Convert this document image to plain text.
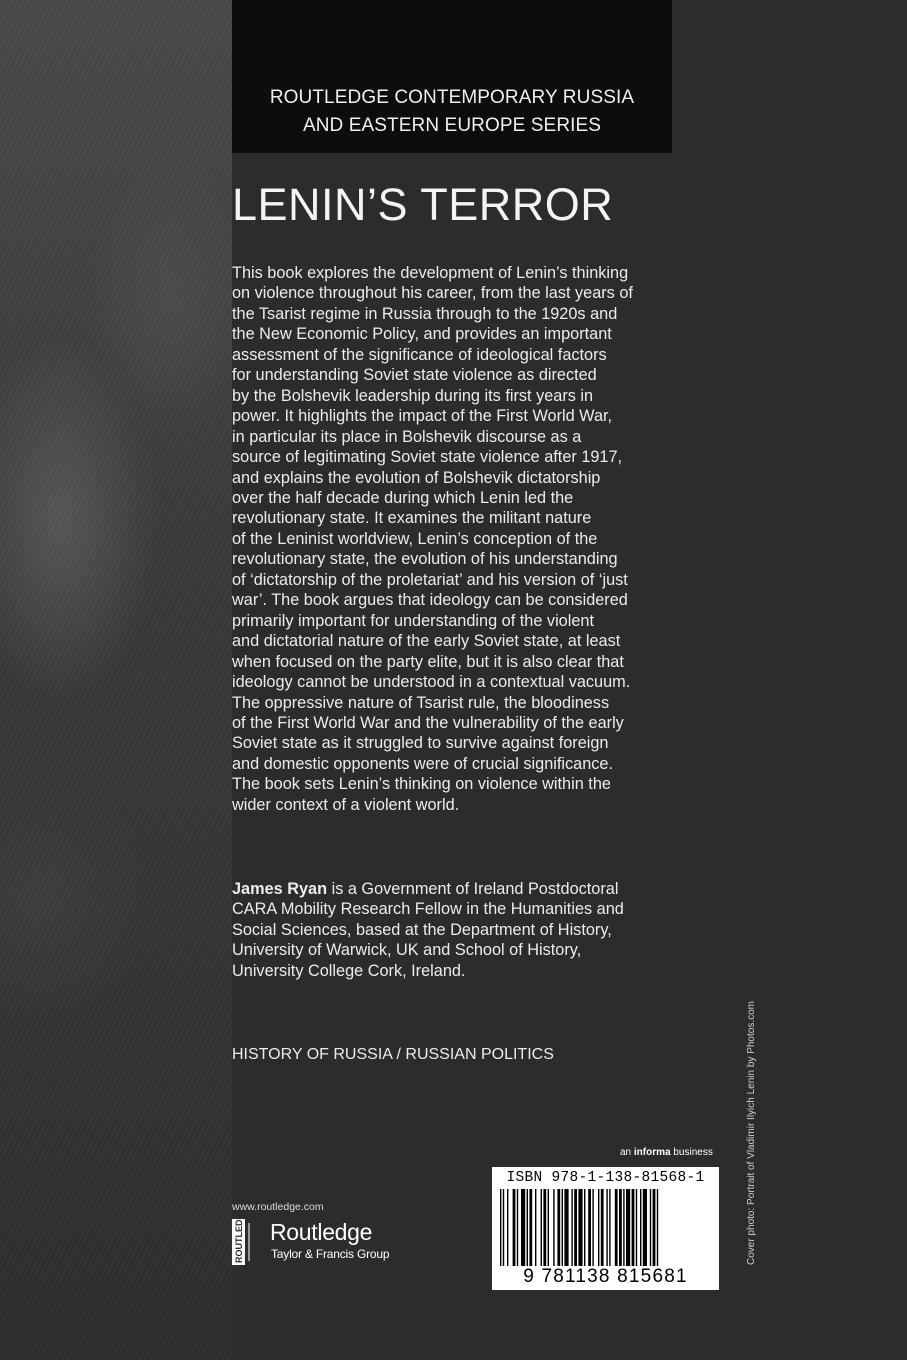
ROUTLEDGE CONTEMPORARY RUSSIA
AND EASTERN EUROPE SERIES
LENIN’S TERROR

This book explores the development of Lenin’s thinking
on violence throughout his career, from the last years of
the Tsarist regime in Russia through to the 1920s and
the New Economic Policy, and provides an important
assessment of the significance of ideological factors
for understanding Soviet state violence as directed
by the Bolshevik leadership during its first years in
power. It highlights the impact of the First World War,
in particular its place in Bolshevik discourse as a
source of legitimating Soviet state violence after 1917,
and explains the evolution of Bolshevik dictatorship
over the half decade during which Lenin led the
revolutionary state. It examines the militant nature
of the Leninist worldview, Lenin’s conception of the
revolutionary state, the evolution of his understanding
of ‘dictatorship of the proletariat’ and his version of ‘just
war’. The book argues that ideology can be considered
primarily important for understanding of the violent
and dictatorial nature of the early Soviet state, at least
when focused on the party elite, but it is also clear that
ideology cannot be understood in a contextual vacuum.
The oppressive nature of Tsarist rule, the bloodiness
of the First World War and the vulnerability of the early
Soviet state as it struggled to survive against foreign
and domestic opponents were of crucial significance.
The book sets Lenin’s thinking on violence within the
wider context of a violent world.

James Ryan is a Government of Ireland Postdoctoral
CARA Mobility Research Fellow in the Humanities and
Social Sciences, based at the Department of History,
University of Warwick, UK and School of History,
University College Cork, Ireland.

HISTORY OF RUSSIA / RUSSIAN POLITICS
an informa business
www.routledge.com
ROUTLEDGE Routledge
Taylor & Francis Group
ISBN 978-1-138-81568-1
9 781138 815681
Cover photo: Portrait of Vladimir Ilyich Lenin by Photos.com
